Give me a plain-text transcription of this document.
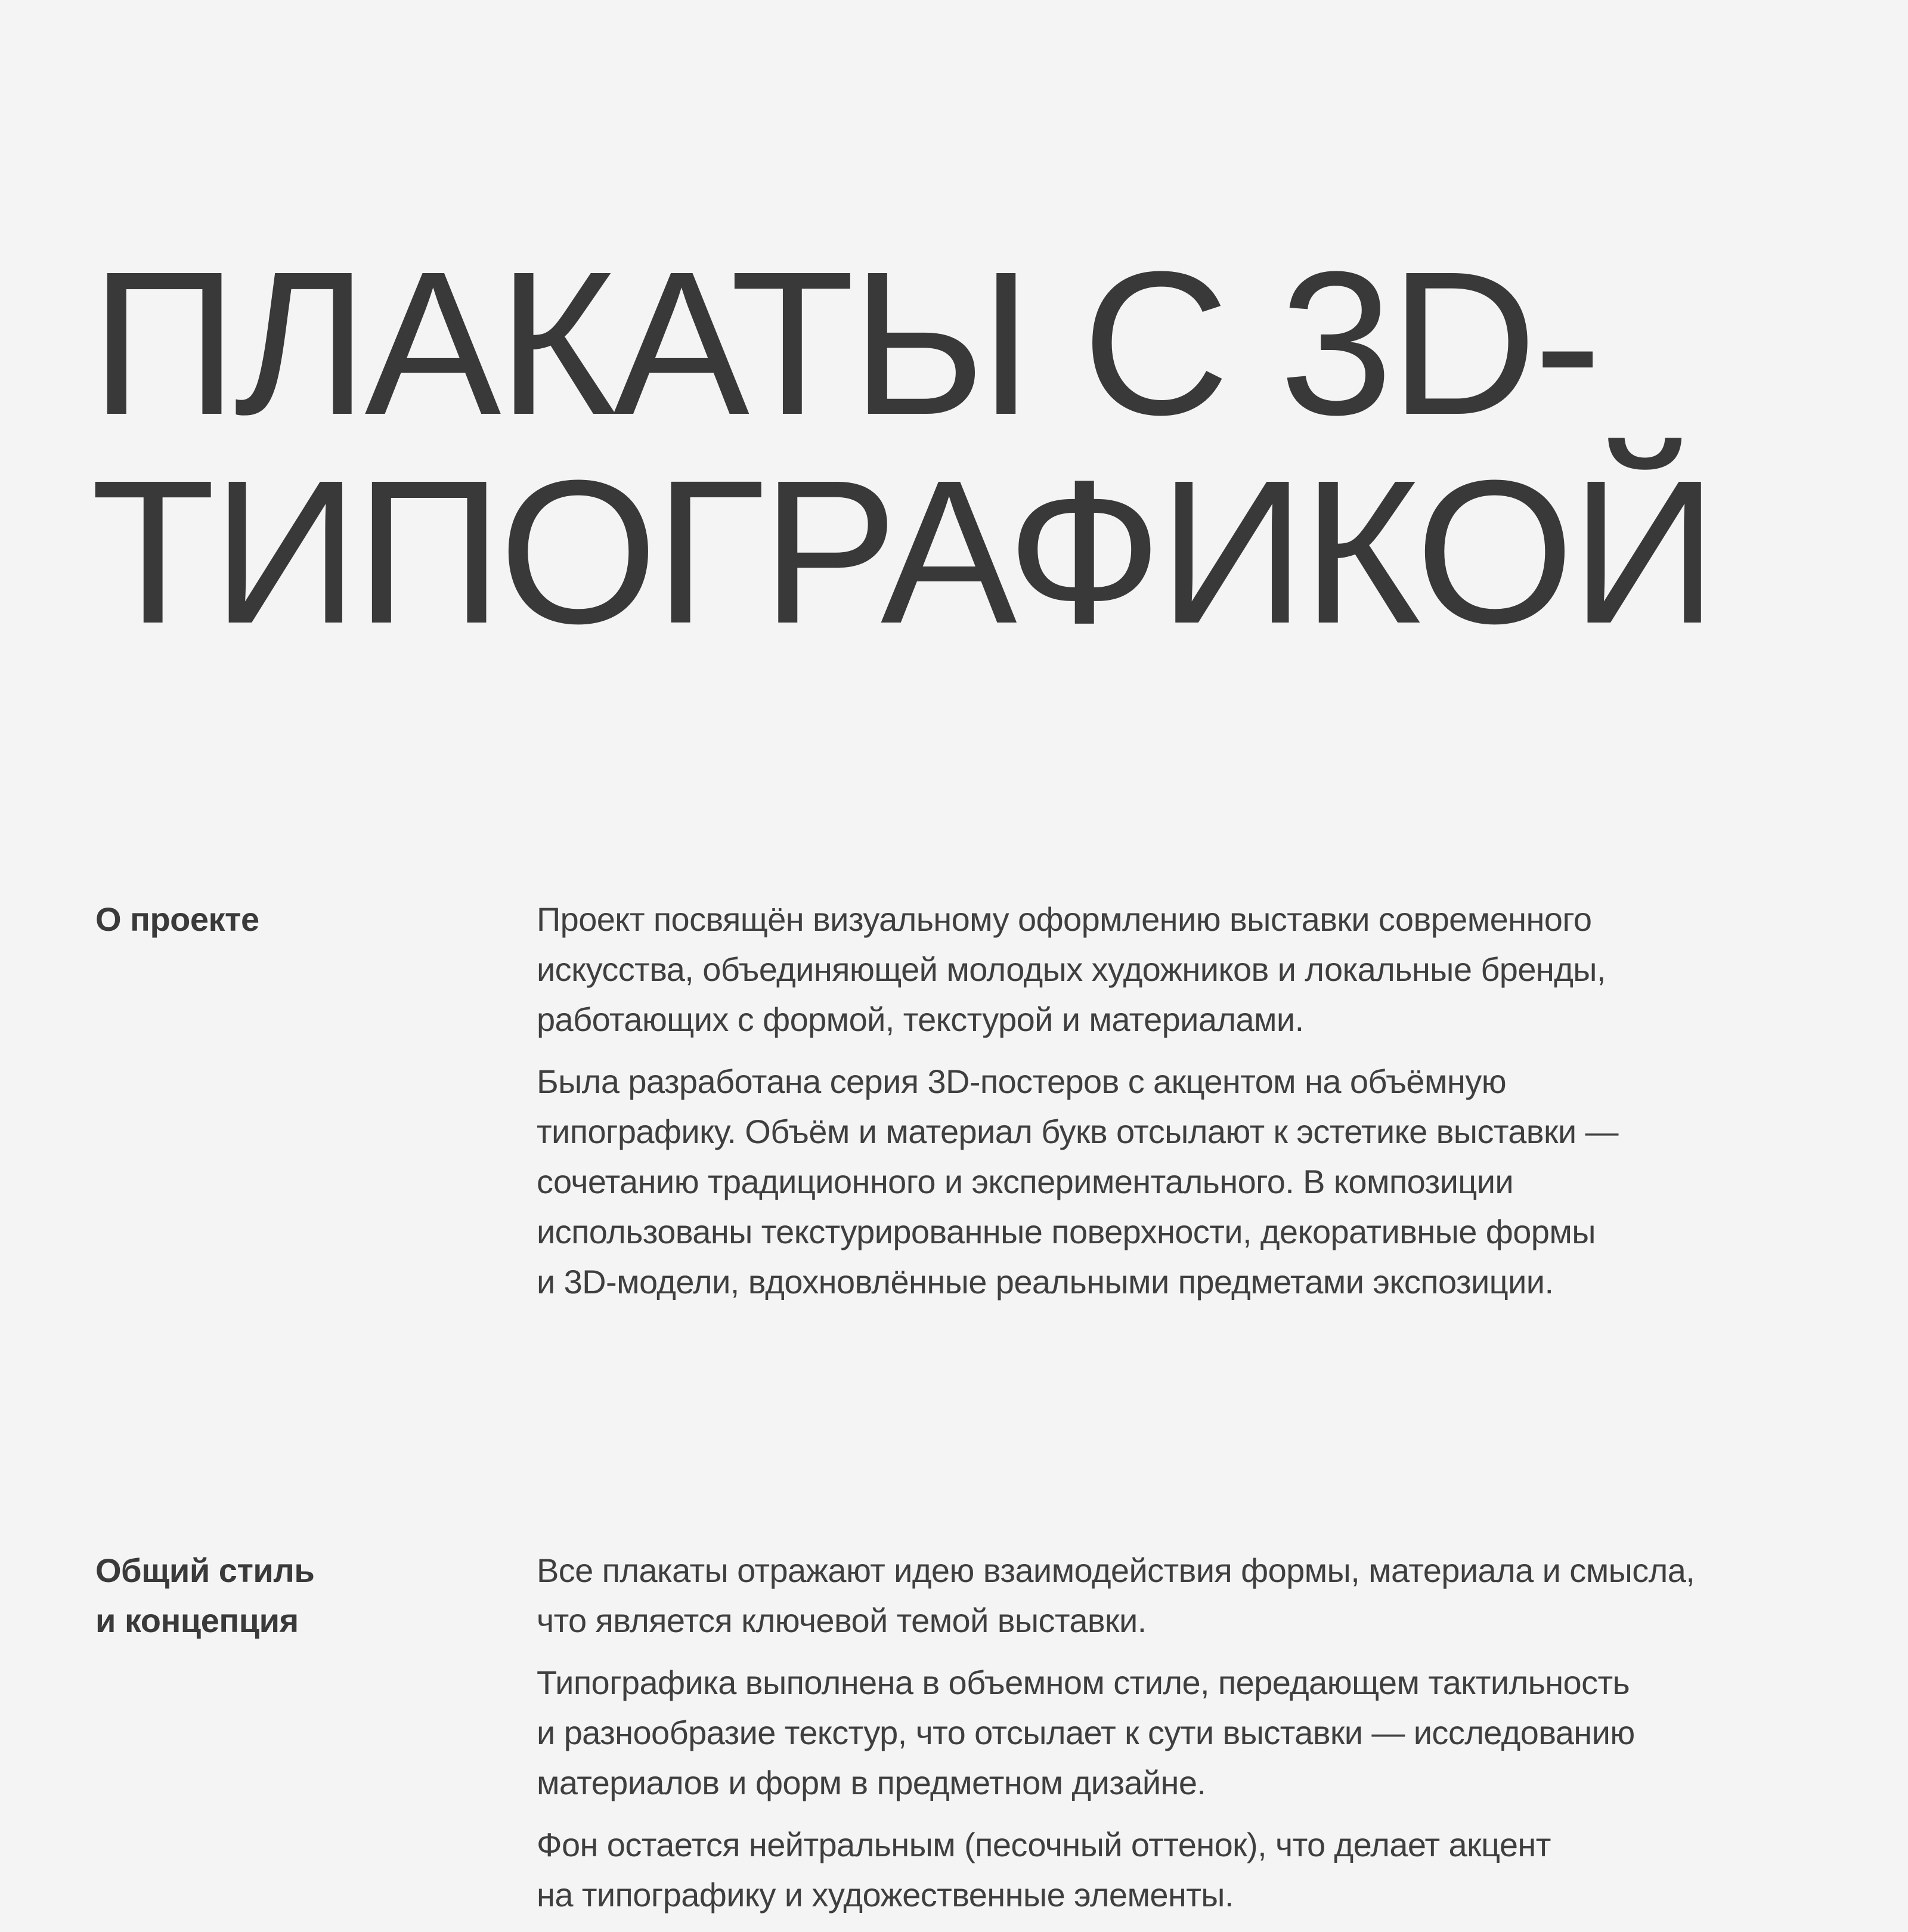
ПЛАКАТЫ С 3D-
ТИПОГРАФИКОЙ
О проекте	Проект посвящён визуальному оформлению выставки современного
искусства, объединяющей молодых художников и локальные бренды,
работающих с формой, текстурой и материалами.

Была разработана серия 3D-постеров с акцентом на объёмную
типографику. Объём и материал букв отсылают к эстетике выставки —
сочетанию традиционного и экспериментального. В композиции
использованы текстурированные поверхности, декоративные формы
и 3D-модели, вдохновлённые реальными предметами экспозиции.

Общий стиль
и концепция

Все плакаты отражают идею взаимодействия формы, материала и смысла,
что является ключевой темой выставки.

Типографика выполнена в объемном стиле, передающем тактильность
и разнообразие текстур, что отсылает к сути выставки — исследованию
материалов и форм в предметном дизайне.

Фон остается нейтральным (песочный оттенок), что делает акцент
на типографику и художественные элементы.
